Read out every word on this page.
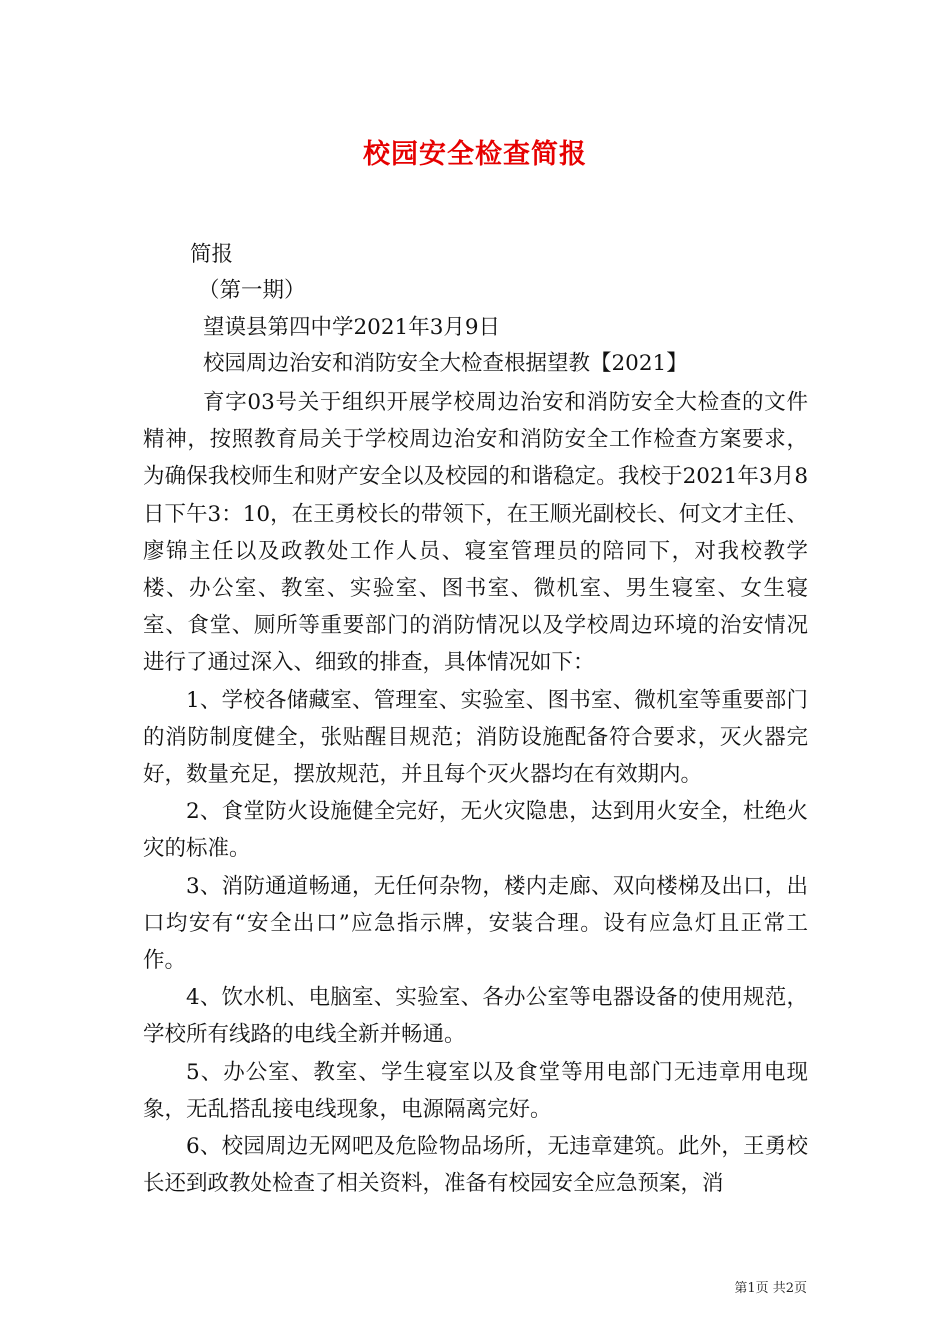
校园安全检查简报

简报

（第一期）

望谟县第四中学2021年3月9日

校园周边治安和消防安全大检查根据望教【2021】

育字03号关于组织开展学校周边治安和消防安全大检查的文件精神，按照教育局关于学校周边治安和消防安全工作检查方案要求，为确保我校师生和财产安全以及校园的和谐稳定。我校于2021年3月8日下午3：10，在王勇校长的带领下，在王顺光副校长、何文才主任、廖锦主任以及政教处工作人员、寝室管理员的陪同下，对我校教学楼、办公室、教室、实验室、图书室、微机室、男生寝室、女生寝室、食堂、厕所等重要部门的消防情况以及学校周边环境的治安情况进行了通过深入、细致的排查，具体情况如下：

1、学校各储藏室、管理室、实验室、图书室、微机室等重要部门的消防制度健全，张贴醒目规范；消防设施配备符合要求，灭火器完好，数量充足，摆放规范，并且每个灭火器均在有效期内。

2、食堂防火设施健全完好，无火灾隐患，达到用火安全，杜绝火灾的标准。

3、消防通道畅通，无任何杂物，楼内走廊、双向楼梯及出口，出口均安有“安全出口”应急指示牌，安装合理。设有应急灯且正常工作。

4、饮水机、电脑室、实验室、各办公室等电器设备的使用规范，学校所有线路的电线全新并畅通。

5、办公室、教室、学生寝室以及食堂等用电部门无违章用电现象，无乱搭乱接电线现象，电源隔离完好。

6、校园周边无网吧及危险物品场所，无违章建筑。此外，王勇校长还到政教处检查了相关资料，准备有校园安全应急预案，消

第1页 共2页
